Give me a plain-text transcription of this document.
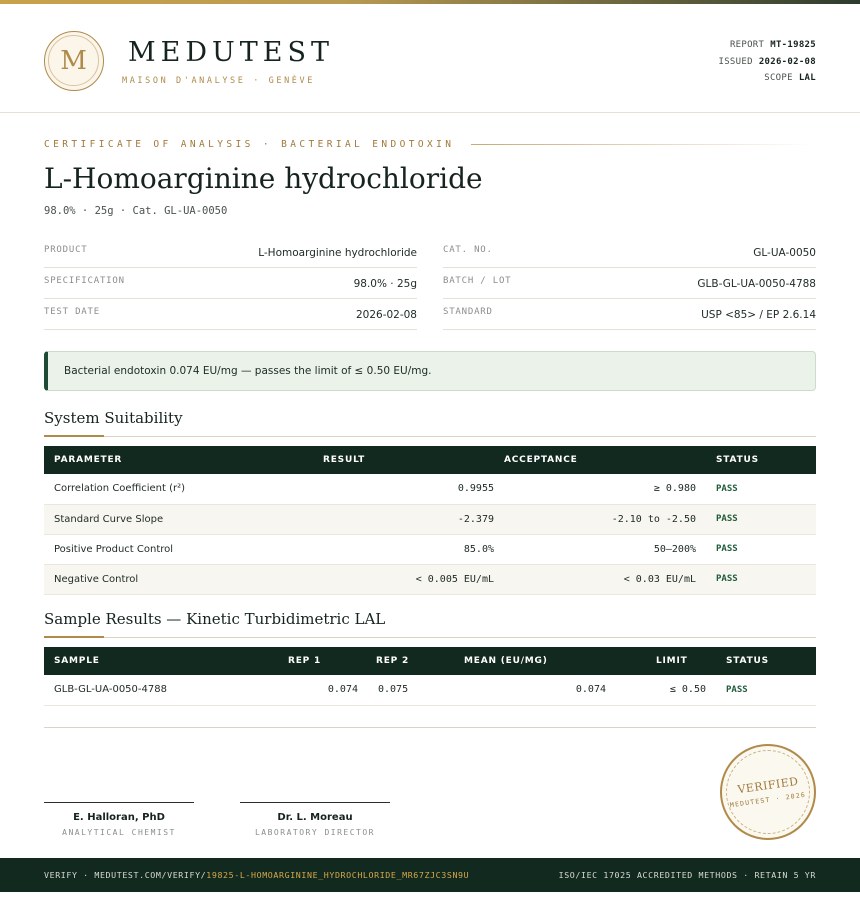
M	MEDUTEST
MAISON D'ANALYSE · GENÈVE
REPORT MT-19825
ISSUED 2026-02-08
SCOPE LAL
CERTIFICATE OF ANALYSIS · BACTERIAL ENDOTOXIN
L-Homoarginine hydrochloride
98.0% · 25g · Cat. GL-UA-0050
PRODUCT	L-Homoarginine hydrochloride
SPECIFICATION	98.0% · 25g
TEST DATE	2026-02-08
CAT. NO.	GL-UA-0050
BATCH / LOT	GLB-GL-UA-0050-4788
STANDARD	USP <85> / EP 2.6.14
Bacterial endotoxin 0.074 EU/mg — passes the limit of ≤ 0.50 EU/mg.
System Suitability
PARAMETER	RESULT	ACCEPTANCE	STATUS
Correlation Coefficient (r²)	0.9955	≥ 0.980	PASS
Standard Curve Slope	-2.379	-2.10 to -2.50	PASS
Positive Product Control	85.0%	50–200%	PASS
Negative Control	< 0.005 EU/mL	< 0.03 EU/mL	PASS
Sample Results — Kinetic Turbidimetric LAL
SAMPLE	REP 1	REP 2	MEAN (EU/MG)	LIMIT	STATUS
GLB-GL-UA-0050-4788	0.074	0.075	0.074	≤ 0.50	PASS
E. Halloran, PhD
ANALYTICAL CHEMIST
Dr. L. Moreau
LABORATORY DIRECTOR
VERIFIED
MEDUTEST · 2026
VERIFY · MEDUTEST.COM/VERIFY/19825-L-HOMOARGININE_HYDROCHLORIDE_MR67ZJC3SN9U	ISO/IEC 17025 ACCREDITED METHODS · RETAIN 5 YR
